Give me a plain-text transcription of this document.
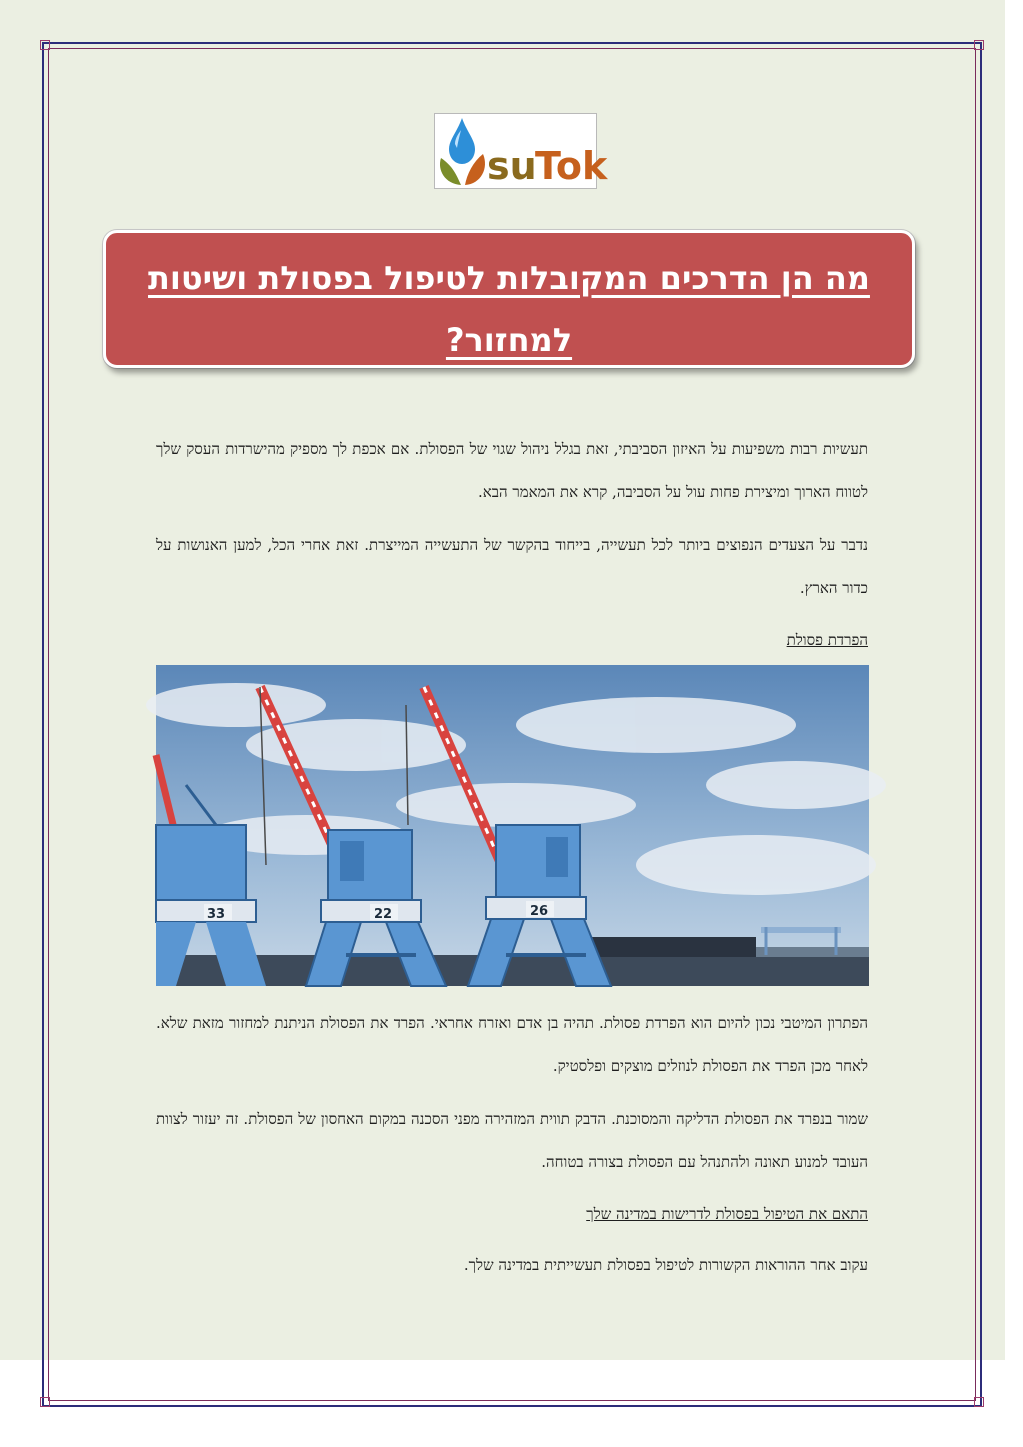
su
Tok
מה הן הדרכים המקובלות לטיפול בפסולת ושיטות למחזור?
תעשיות רבות משפיעות על האיזון הסביבתי, זאת בגלל ניהול שגוי של הפסולת. אם אכפת לך מספיק מהישרדות העסק שלך לטווח הארוך ומיצירת פחות עול על הסביבה, קרא את המאמר הבא.
נדבר על הצעדים הנפוצים ביותר לכל תעשייה, בייחוד בהקשר של התעשייה המייצרת. זאת אחרי הכל, למען האנושות על כדור הארץ.
הפרדת פסולת
33	22	26
הפתרון המיטבי נכון להיום הוא הפרדת פסולת. תהיה בן אדם ואזרח אחראי. הפרד את הפסולת הניתנת למחזור מזאת שלא. לאחר מכן הפרד את הפסולת לנוזלים מוצקים ופלסטיק.
שמור בנפרד את הפסולת הדליקה והמסוכנת. הדבק תווית המזהירה מפני הסכנה במקום האחסון של הפסולת. זה יעזור לצוות העובד למנוע תאונה ולהתנהל עם הפסולת בצורה בטוחה.
התאם את הטיפול בפסולת לדרישות במדינה שלך
עקוב אחר ההוראות הקשורות לטיפול בפסולת תעשייתית במדינה שלך.
